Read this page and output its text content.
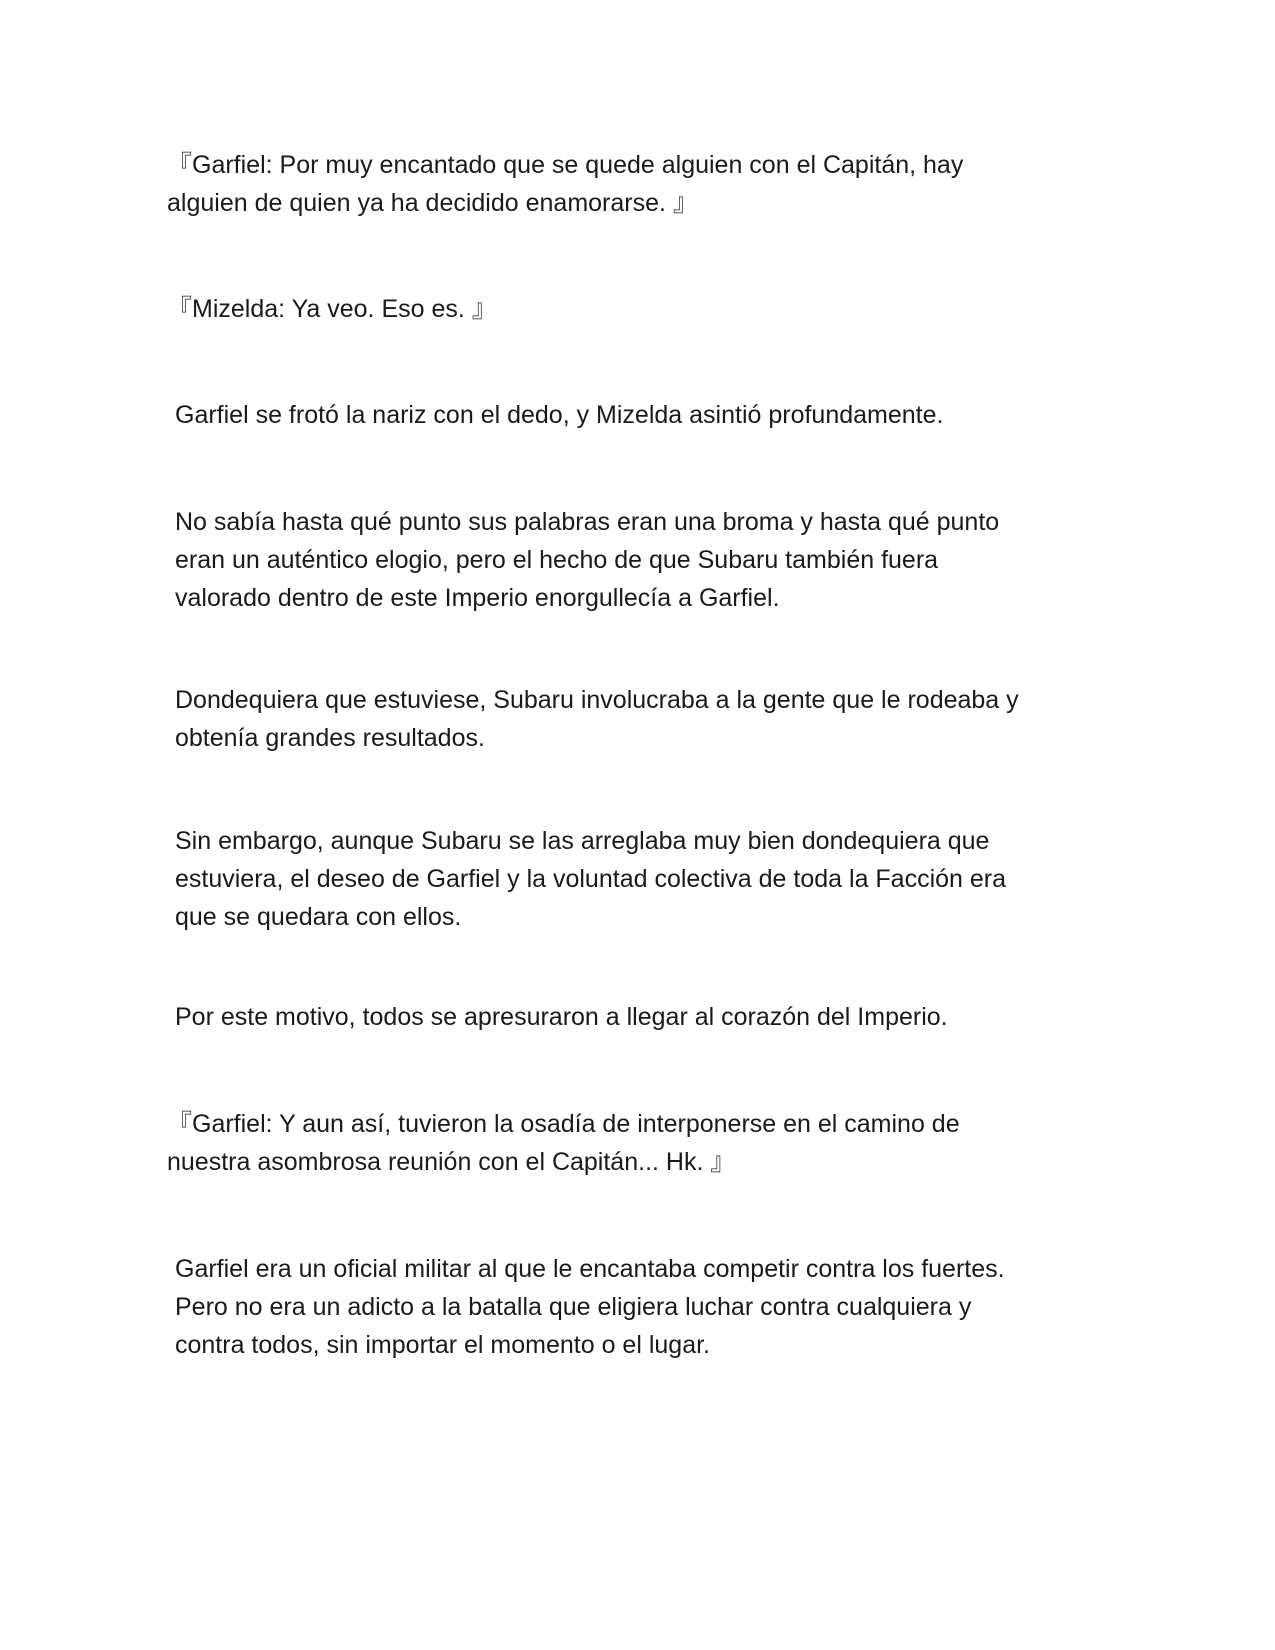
『Garfiel: Por muy encantado que se quede alguien con el Capitán, hay
alguien de quien ya ha decidido enamorarse. 』

『Mizelda: Ya veo. Eso es. 』

Garfiel se frotó la nariz con el dedo, y Mizelda asintió profundamente.

No sabía hasta qué punto sus palabras eran una broma y hasta qué punto
eran un auténtico elogio, pero el hecho de que Subaru también fuera
valorado dentro de este Imperio enorgullecía a Garfiel.

Dondequiera que estuviese, Subaru involucraba a la gente que le rodeaba y
obtenía grandes resultados.

Sin embargo, aunque Subaru se las arreglaba muy bien dondequiera que
estuviera, el deseo de Garfiel y la voluntad colectiva de toda la Facción era
que se quedara con ellos.

Por este motivo, todos se apresuraron a llegar al corazón del Imperio.

『Garfiel: Y aun así, tuvieron la osadía de interponerse en el camino de
nuestra asombrosa reunión con el Capitán... Hk. 』

Garfiel era un oficial militar al que le encantaba competir contra los fuertes.
Pero no era un adicto a la batalla que eligiera luchar contra cualquiera y
contra todos, sin importar el momento o el lugar.
